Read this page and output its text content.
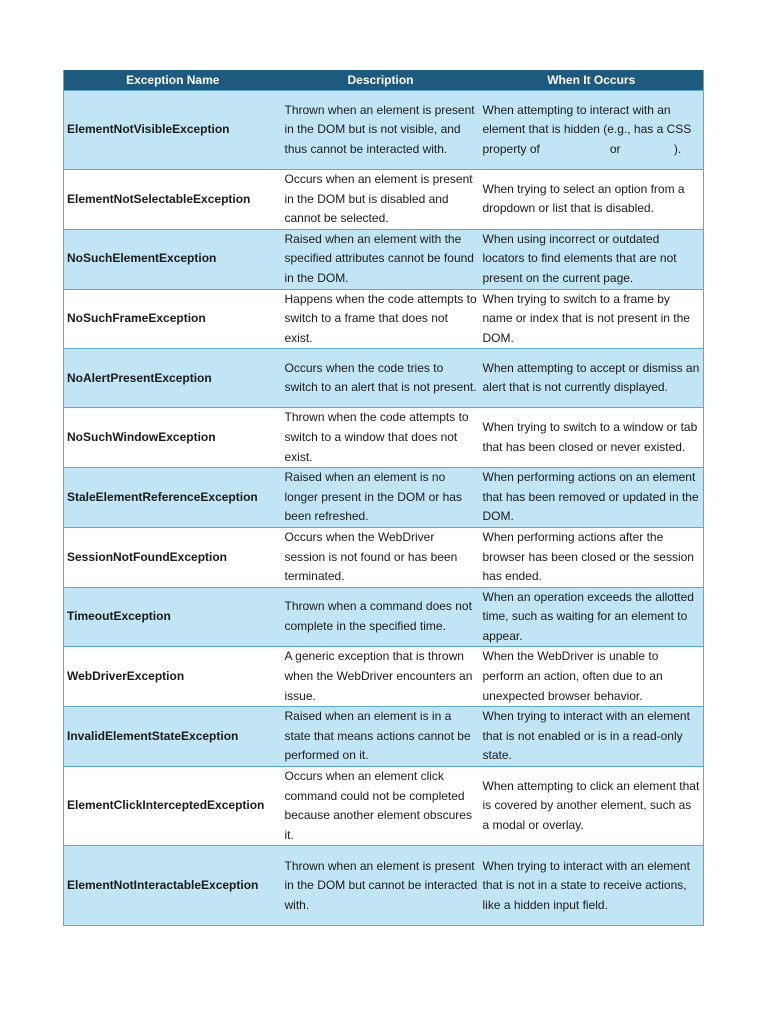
Exception Name	Description	When It Occurs
ElementNotVisibleException	Thrown when an element is present in the DOM but is not visible, and thus cannot be interacted with.	When attempting to interact with an element that is hidden (e.g., has a CSS property of                     or                ).
ElementNotSelectableException	Occurs when an element is present in the DOM but is disabled and cannot be selected.	When trying to select an option from a dropdown or list that is disabled.
NoSuchElementException	Raised when an element with the specified attributes cannot be found in the DOM.	When using incorrect or outdated locators to find elements that are not present on the current page.
NoSuchFrameException	Happens when the code attempts to switch to a frame that does not exist.	When trying to switch to a frame by name or index that is not present in the DOM.
NoAlertPresentException	Occurs when the code tries to switch to an alert that is not present.	When attempting to accept or dismiss an alert that is not currently displayed.
NoSuchWindowException	Thrown when the code attempts to switch to a window that does not exist.	When trying to switch to a window or tab that has been closed or never existed.
StaleElementReferenceException	Raised when an element is no longer present in the DOM or has been refreshed.	When performing actions on an element that has been removed or updated in the DOM.
SessionNotFoundException	Occurs when the WebDriver session is not found or has been terminated.	When performing actions after the browser has been closed or the session has ended.
TimeoutException	Thrown when a command does not complete in the specified time.	When an operation exceeds the allotted time, such as waiting for an element to appear.
WebDriverException	A generic exception that is thrown when the WebDriver encounters an issue.	When the WebDriver is unable to perform an action, often due to an unexpected browser behavior.
InvalidElementStateException	Raised when an element is in a state that means actions cannot be performed on it.	When trying to interact with an element that is not enabled or is in a read-only state.
ElementClickInterceptedException	Occurs when an element click command could not be completed because another element obscures it.	When attempting to click an element that is covered by another element, such as a modal or overlay.
ElementNotInteractableException	Thrown when an element is present in the DOM but cannot be interacted with.	When trying to interact with an element that is not in a state to receive actions, like a hidden input field.
